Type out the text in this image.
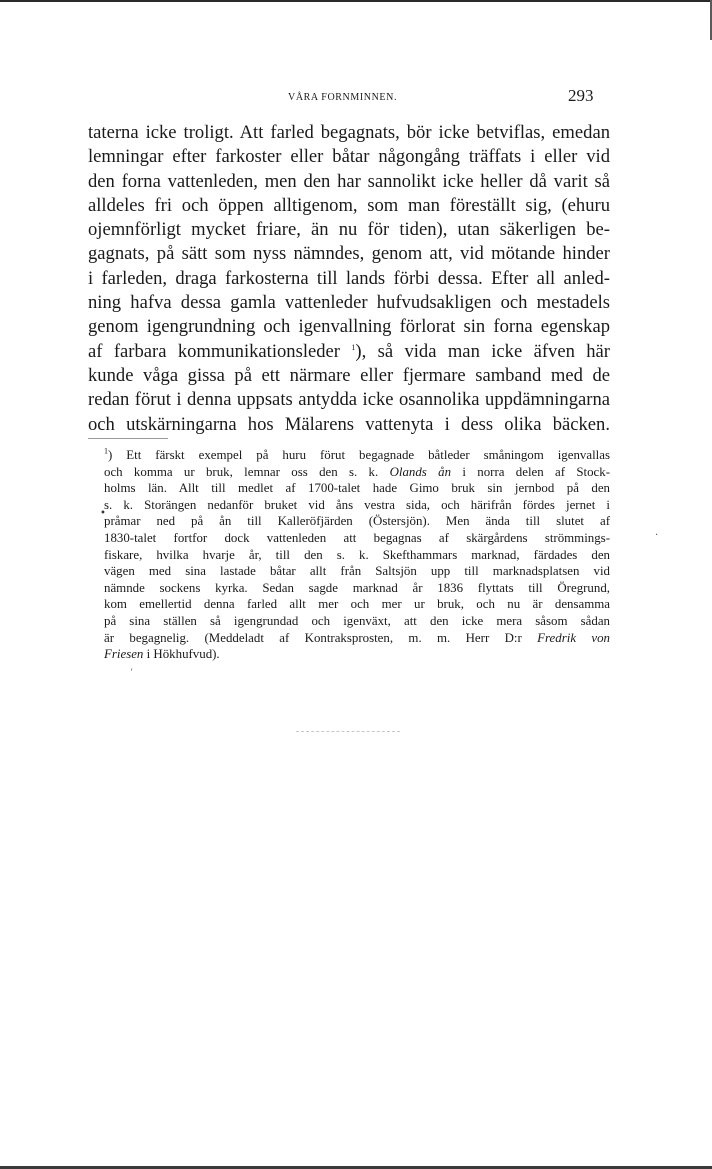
VÅRA FORNMINNEN.	293
taterna icke troligt. Att farled begagnats, bör icke betviflas, emedan
lemningar efter farkoster eller båtar någongång träffats i eller vid
den forna vattenleden, men den har sannolikt icke heller då varit så
alldeles fri och öppen alltigenom, som man föreställt sig, (ehuru
ojemnförligt mycket friare, än nu för tiden), utan säkerligen be-
gagnats, på sätt som nyss nämndes, genom att, vid mötande hinder
i farleden, draga farkosterna till lands förbi dessa. Efter all anled-
ning hafva dessa gamla vattenleder hufvudsakligen och mestadels
genom igengrundning och igenvallning förlorat sin forna egenskap
af farbara kommunikationsleder $^1$), så vida man icke äfven här
kunde våga gissa på ett närmare eller fjermare samband med de
redan förut i denna uppsats antydda icke osannolika uppdämningarna
och utskärningarna hos Mälarens vattenyta i dess olika bäcken.
$^1$) Ett färskt exempel på huru förut begagnade båtleder småningom igenvallas
och komma ur bruk, lemnar oss den s. k. Olands ån i norra delen af Stock-
holms län. Allt till medlet af 1700-talet hade Gimo bruk sin jernbod på den
s. k. Storängen nedanför bruket vid åns vestra sida, och härifrån fördes jernet i
pråmar ned på ån till Kalleröfjärden (Östersjön). Men ända till slutet af
1830-talet fortfor dock vattenleden att begagnas af skärgårdens strömmings-
fiskare, hvilka hvarje år, till den s. k. Skefthammars marknad, färdades den
vägen med sina lastade båtar allt från Saltsjön upp till marknadsplatsen vid
nämnde sockens kyrka. Sedan sagde marknad år 1836 flyttats till Öregrund,
kom emellertid denna farled allt mer och mer ur bruk, och nu är densamma
på sina ställen så igengrundad och igenväxt, att den icke mera såsom sådan
är begagnelig. (Meddeladt af Kontraksprosten, m. m. Herr D:r Fredrik von
Friesen i Hökhufvud).
•
·
‘
